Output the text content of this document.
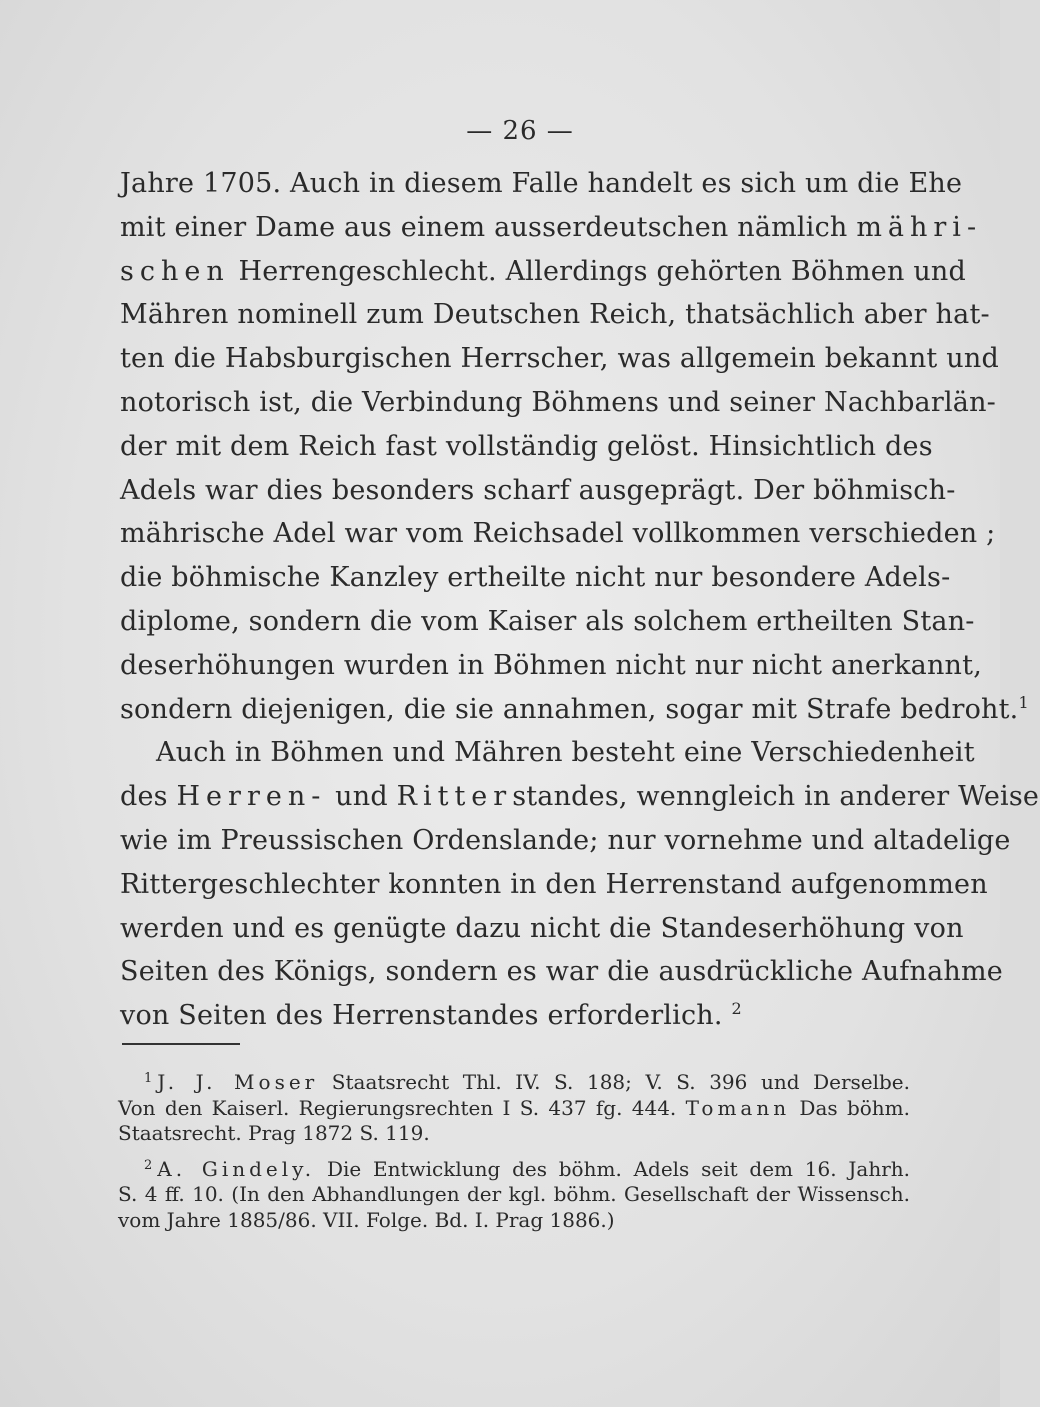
— 26 —
Jahre 1705. Auch in diesem Falle handelt es sich um die Ehe
mit einer Dame aus einem ausserdeutschen nämlich mähri-
schen Herrengeschlecht. Allerdings gehörten Böhmen und
Mähren nominell zum Deutschen Reich, thatsächlich aber hat-
ten die Habsburgischen Herrscher, was allgemein bekannt und
notorisch ist, die Verbindung Böhmens und seiner Nachbarlän-
der mit dem Reich fast vollständig gelöst. Hinsichtlich des
Adels war dies besonders scharf ausgeprägt. Der böhmisch-
mährische Adel war vom Reichsadel vollkommen verschieden ;
die böhmische Kanzley ertheilte nicht nur besondere Adels-
diplome, sondern die vom Kaiser als solchem ertheilten Stan-
deserhöhungen wurden in Böhmen nicht nur nicht anerkannt,
sondern diejenigen, die sie annahmen, sogar mit Strafe bedroht.$^1$
Auch in Böhmen und Mähren besteht eine Verschiedenheit
des Herren- und Ritterstandes, wenngleich in anderer Weise
wie im Preussischen Ordenslande; nur vornehme und altadelige
Rittergeschlechter konnten in den Herrenstand aufgenommen
werden und es genügte dazu nicht die Standeserhöhung von
Seiten des Königs, sondern es war die ausdrückliche Aufnahme
von Seiten des Herrenstandes erforderlich. $^2$
$^1$ J. J. Moser Staatsrecht Thl. IV. S. 188; V. S. 396 und Derselbe.
Von den Kaiserl. Regierungsrechten I S. 437 fg. 444. Tomann Das böhm.
Staatsrecht. Prag 1872 S. 119.
$^2$ A. Gindely. Die Entwicklung des böhm. Adels seit dem 16. Jahrh.
S. 4 ff. 10. (In den Abhandlungen der kgl. böhm. Gesellschaft der Wissensch.
vom Jahre 1885/86. VII. Folge. Bd. I. Prag 1886.)
